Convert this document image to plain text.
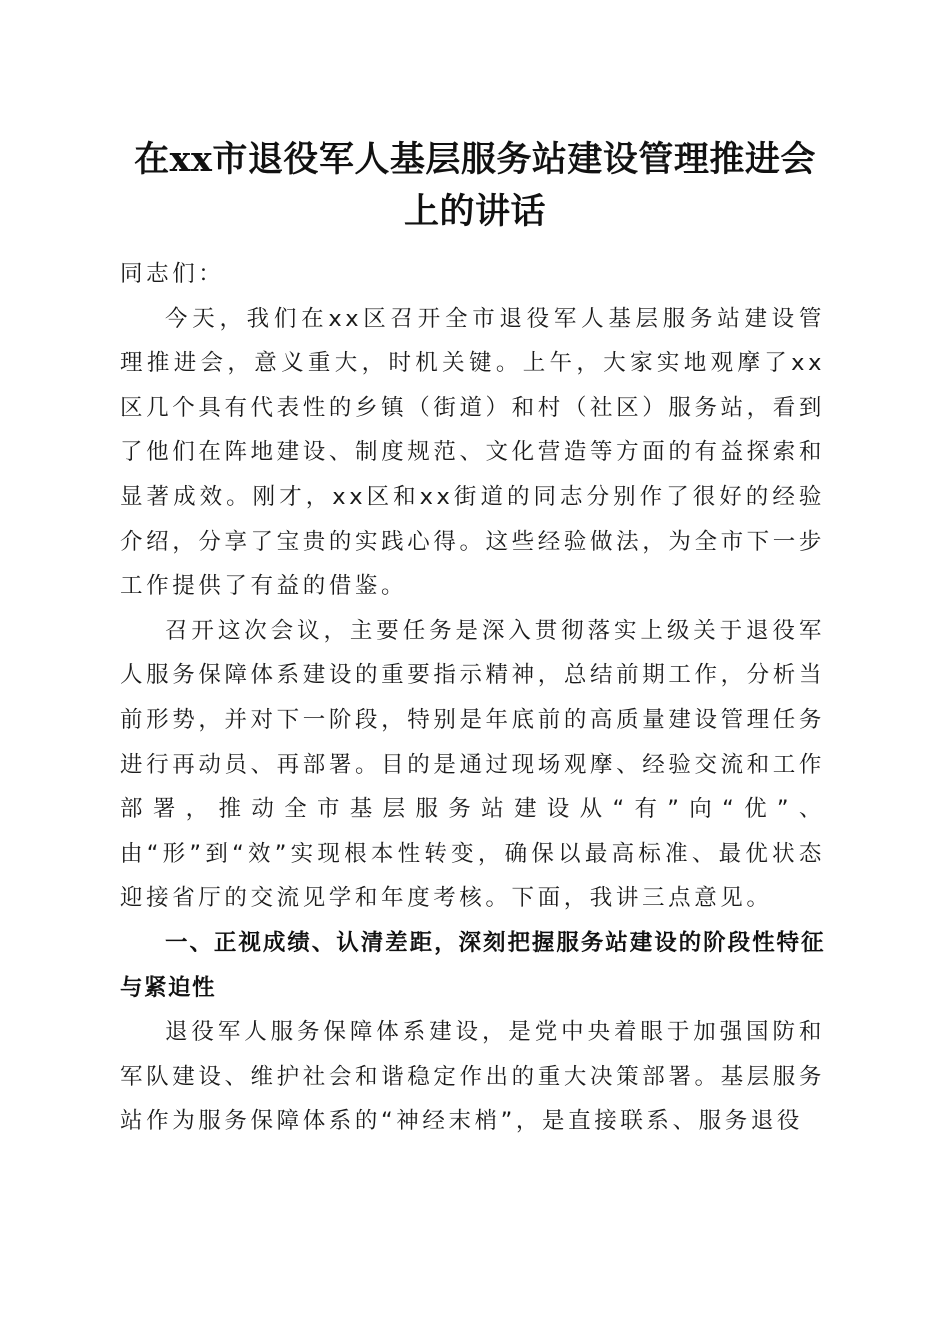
在xx市退役军人基层服务站建设管理推进会
上的讲话

同志们：

今天，我们在xx区召开全市退役军人基层服务站建设管理推进会，意义重大，时机关键。上午，大家实地观摩了xx区几个具有代表性的乡镇（街道）和村（社区）服务站，看到了他们在阵地建设、制度规范、文化营造等方面的有益探索和显著成效。刚才，xx区和xx街道的同志分别作了很好的经验介绍，分享了宝贵的实践心得。这些经验做法，为全市下一步工作提供了有益的借鉴。

召开这次会议，主要任务是深入贯彻落实上级关于退役军人服务保障体系建设的重要指示精神，总结前期工作，分析当前形势，并对下一阶段，特别是年底前的高质量建设管理任务进行再动员、再部署。目的是通过现场观摩、经验交流和工作部署，推动全市基层服务站建设从“有”向“优”、由“形”到“效”实现根本性转变，确保以最高标准、最优状态迎接省厅的交流见学和年度考核。下面，我讲三点意见。

一、正视成绩、认清差距，深刻把握服务站建设的阶段性特征与紧迫性

退役军人服务保障体系建设，是党中央着眼于加强国防和军队建设、维护社会和谐稳定作出的重大决策部署。基层服务站作为服务保障体系的“神经末梢”，是直接联系、服务退役
